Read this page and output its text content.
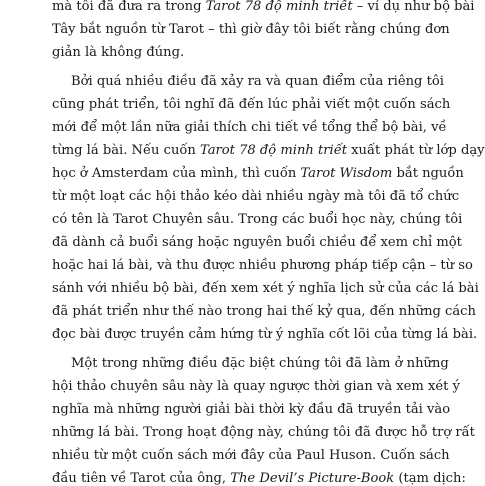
mà tôi đã đưa ra trong Tarot 78 độ minh triết – ví dụ như bộ bài

Tây bắt nguồn từ Tarot – thì giờ đây tôi biết rằng chúng đơn

giản là không đúng.

Bởi quá nhiều điều đã xảy ra và quan điểm của riêng tôi

cũng phát triển, tôi nghĩ đã đến lúc phải viết một cuốn sách

mới để một lần nữa giải thích chi tiết về tổng thể bộ bài, về

từng lá bài. Nếu cuốn Tarot 78 độ minh triết xuất phát từ lớp dạy

học ở Amsterdam của mình, thì cuốn Tarot Wisdom bắt nguồn

từ một loạt các hội thảo kéo dài nhiều ngày mà tôi đã tổ chức

có tên là Tarot Chuyên sâu. Trong các buổi học này, chúng tôi

đã dành cả buổi sáng hoặc nguyên buổi chiều để xem chỉ một

hoặc hai lá bài, và thu được nhiều phương pháp tiếp cận – từ so

sánh với nhiều bộ bài, đến xem xét ý nghĩa lịch sử của các lá bài

đã phát triển như thế nào trong hai thế kỷ qua, đến những cách

đọc bài được truyền cảm hứng từ ý nghĩa cốt lõi của từng lá bài.

Một trong những điều đặc biệt chúng tôi đã làm ở những

hội thảo chuyên sâu này là quay ngược thời gian và xem xét ý

nghĩa mà những người giải bài thời kỳ đầu đã truyền tải vào

những lá bài. Trong hoạt động này, chúng tôi đã được hỗ trợ rất

nhiều từ một cuốn sách mới đây của Paul Huson. Cuốn sách

đầu tiên về Tarot của ông, The Devil’s Picture-Book (tạm dịch:
